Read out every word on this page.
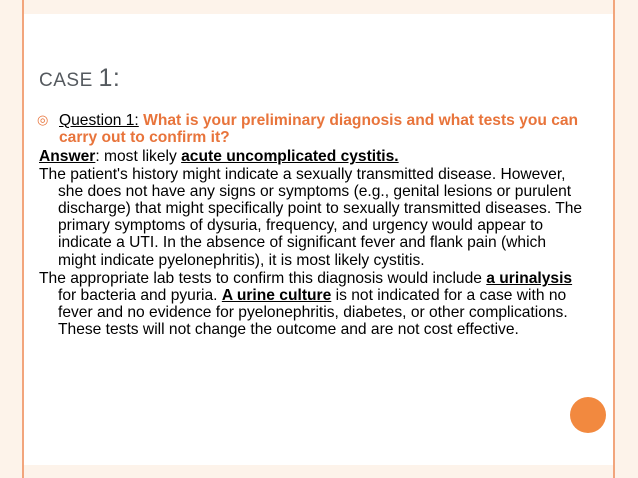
CASE 1:
◎ Question 1: What is your preliminary diagnosis and what tests you can carry out to confirm it?
Answer: most likely acute uncomplicated cystitis.
The patient's history might indicate a sexually transmitted disease. However, she does not have any signs or symptoms (e.g., genital lesions or purulent discharge) that might specifically point to sexually transmitted diseases. The primary symptoms of dysuria, frequency, and urgency would appear to indicate a UTI. In the absence of significant fever and flank pain (which might indicate pyelonephritis), it is most likely cystitis.
The appropriate lab tests to confirm this diagnosis would include a urinalysis for bacteria and pyuria. A urine culture is not indicated for a case with no fever and no evidence for pyelonephritis, diabetes, or other complications. These tests will not change the outcome and are not cost effective.
